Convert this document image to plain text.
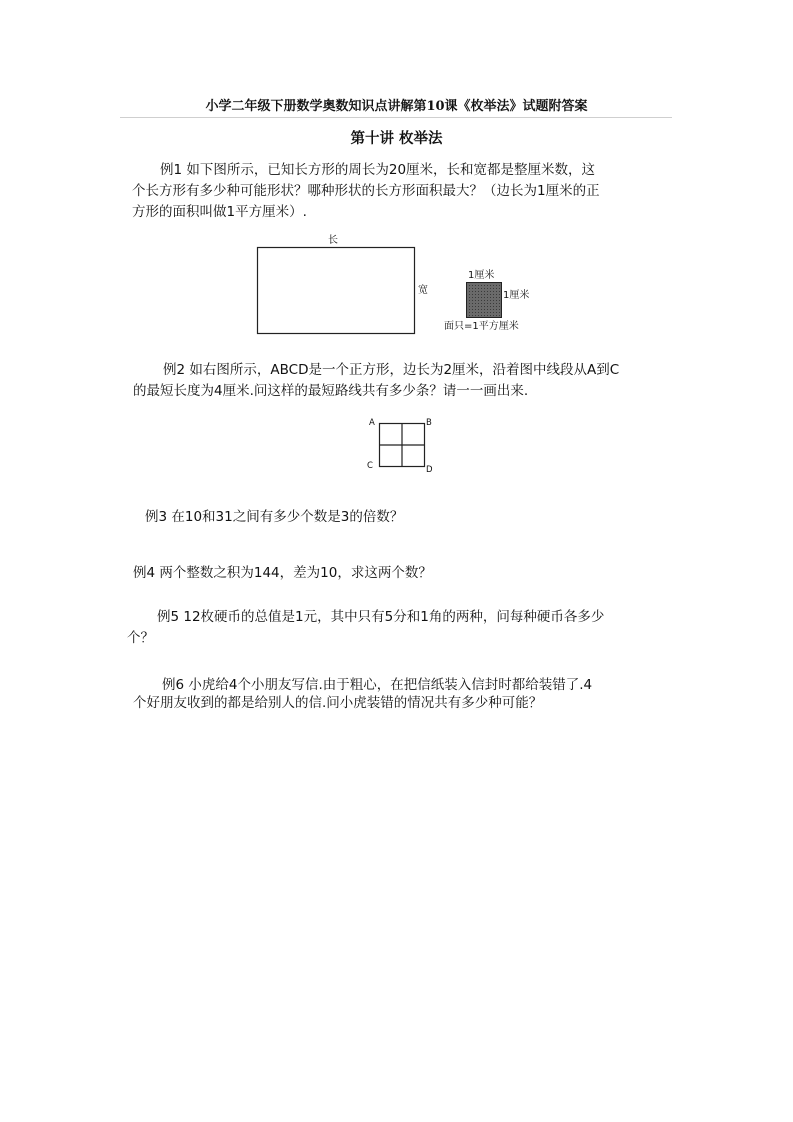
小学二年级下册数学奥数知识点讲解第10课《枚举法》试题附答案
第十讲 枚举法
例1 如下图所示，已知长方形的周长为20厘米，长和宽都是整厘米数，这
个长方形有多少种可能形状？哪种形状的长方形面积最大？（边长为1厘米的正
方形的面积叫做1平方厘米）.
长
宽
1厘米
1厘米
面只=1平方厘米
例2 如右图所示，ABCD是一个正方形，边长为2厘米，沿着图中线段从A到C
的最短长度为4厘米.问这样的最短路线共有多少条？请一一画出来.
A	B
C	D
例3 在10和31之间有多少个数是3的倍数？
例4 两个整数之积为144，差为10，求这两个数？
例5 12枚硬币的总值是1元，其中只有5分和1角的两种，问每种硬币各多少
个？
例6 小虎给4个小朋友写信.由于粗心，在把信纸装入信封时都给装错了.4
个好朋友收到的都是给别人的信.问小虎装错的情况共有多少种可能？
